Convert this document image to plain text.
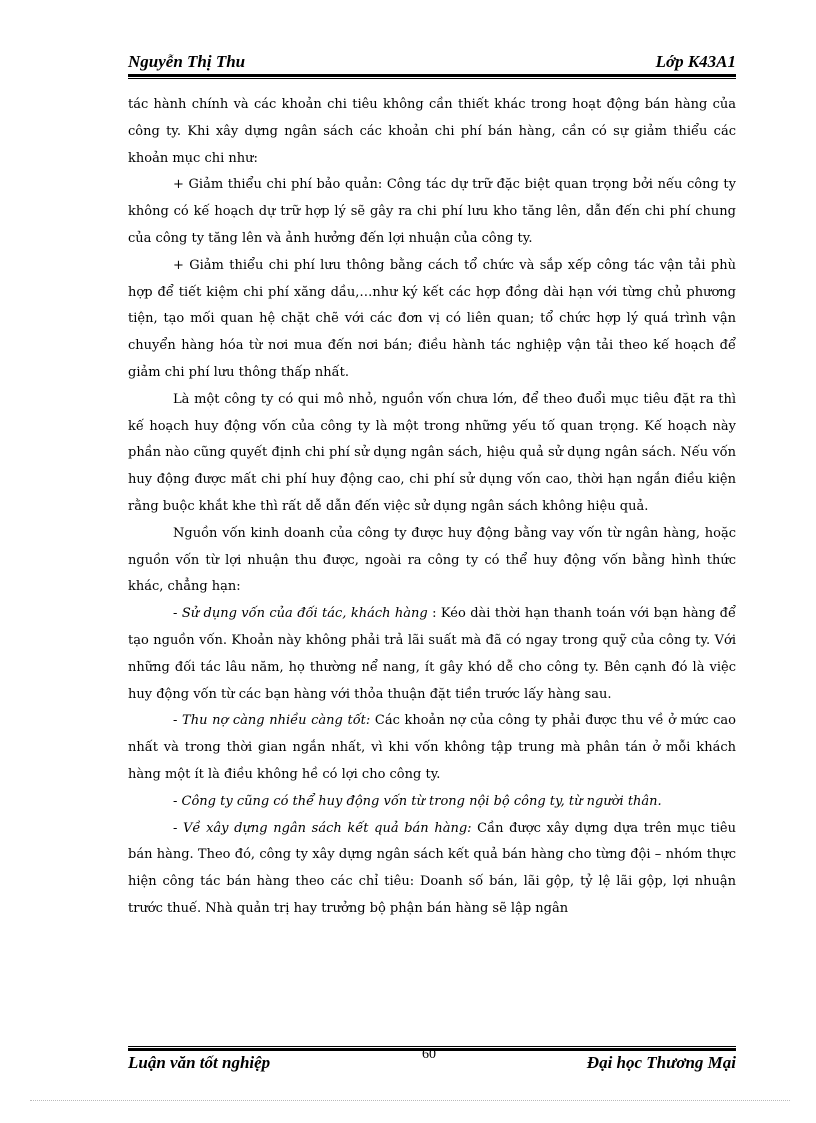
Nguyễn Thị Thu	Lớp K43A1

tác hành chính và các khoản chi tiêu không cần thiết khác trong hoạt động bán hàng của công ty. Khi xây dựng ngân sách các khoản chi phí bán hàng, cần có sự giảm thiểu các khoản mục chi như:

+ Giảm thiểu chi phí bảo quản: Công tác dự trữ đặc biệt quan trọng bởi nếu công ty không có kế hoạch dự trữ hợp lý sẽ gây ra chi phí lưu kho tăng lên, dẫn đến chi phí chung của công ty tăng lên và ảnh hưởng đến lợi nhuận của công ty.

+ Giảm thiểu chi phí lưu thông bằng cách tổ chức và sắp xếp công tác vận tải phù hợp để tiết kiệm chi phí xăng dầu,…như ký kết các hợp đồng dài hạn với từng chủ phương tiện, tạo mối quan hệ chặt chẽ với các đơn vị có liên quan; tổ chức hợp lý quá trình vận chuyển hàng hóa từ nơi mua đến nơi bán; điều hành tác nghiệp vận tải theo kế hoạch để giảm chi phí lưu thông thấp nhất.

Là một công ty có qui mô nhỏ, nguồn vốn chưa lớn, để theo đuổi mục tiêu đặt ra thì kế hoạch huy động vốn của công ty là một trong những yếu tố quan trọng. Kế hoạch này phần nào cũng quyết định chi phí sử dụng ngân sách, hiệu quả sử dụng ngân sách. Nếu vốn huy động được mất chi phí huy động cao, chi phí sử dụng vốn cao, thời hạn ngắn điều kiện rằng buộc khắt khe thì rất dễ dẫn đến việc sử dụng ngân sách không hiệu quả.

Nguồn vốn kinh doanh của công ty được huy động bằng vay vốn từ ngân hàng, hoặc nguồn vốn từ lợi nhuận thu được, ngoài ra công ty có thể huy động vốn bằng hình thức khác, chẳng hạn:

- Sử dụng vốn của đối tác, khách hàng : Kéo dài thời hạn thanh toán với bạn hàng để tạo nguồn vốn. Khoản này không phải trả lãi suất mà đã có ngay trong quỹ của công ty. Với những đối tác lâu năm, họ thường nể nang, ít gây khó dễ cho công ty. Bên cạnh đó là việc huy động vốn từ các bạn hàng với thỏa thuận đặt tiền trước lấy hàng sau.

- Thu nợ càng nhiều càng tốt: Các khoản nợ của công ty phải được thu về ở mức cao nhất và trong thời gian ngắn nhất, vì khi vốn không tập trung mà phân tán ở mỗi khách hàng một ít là điều không hề có lợi cho công ty.

- Công ty cũng có thể huy động vốn từ trong nội bộ công ty, từ người thân.

- Về xây dựng ngân sách kết quả bán hàng: Cần được xây dựng dựa trên mục tiêu bán hàng. Theo đó, công ty xây dựng ngân sách kết quả bán hàng cho từng đội – nhóm thực hiện công tác bán hàng theo các chỉ tiêu: Doanh số bán, lãi gộp, tỷ lệ lãi gộp, lợi nhuận trước thuế. Nhà quản trị hay trưởng bộ phận bán hàng sẽ lập ngân

Luận văn tốt nghiệp	60	Đại học Thương Mại
